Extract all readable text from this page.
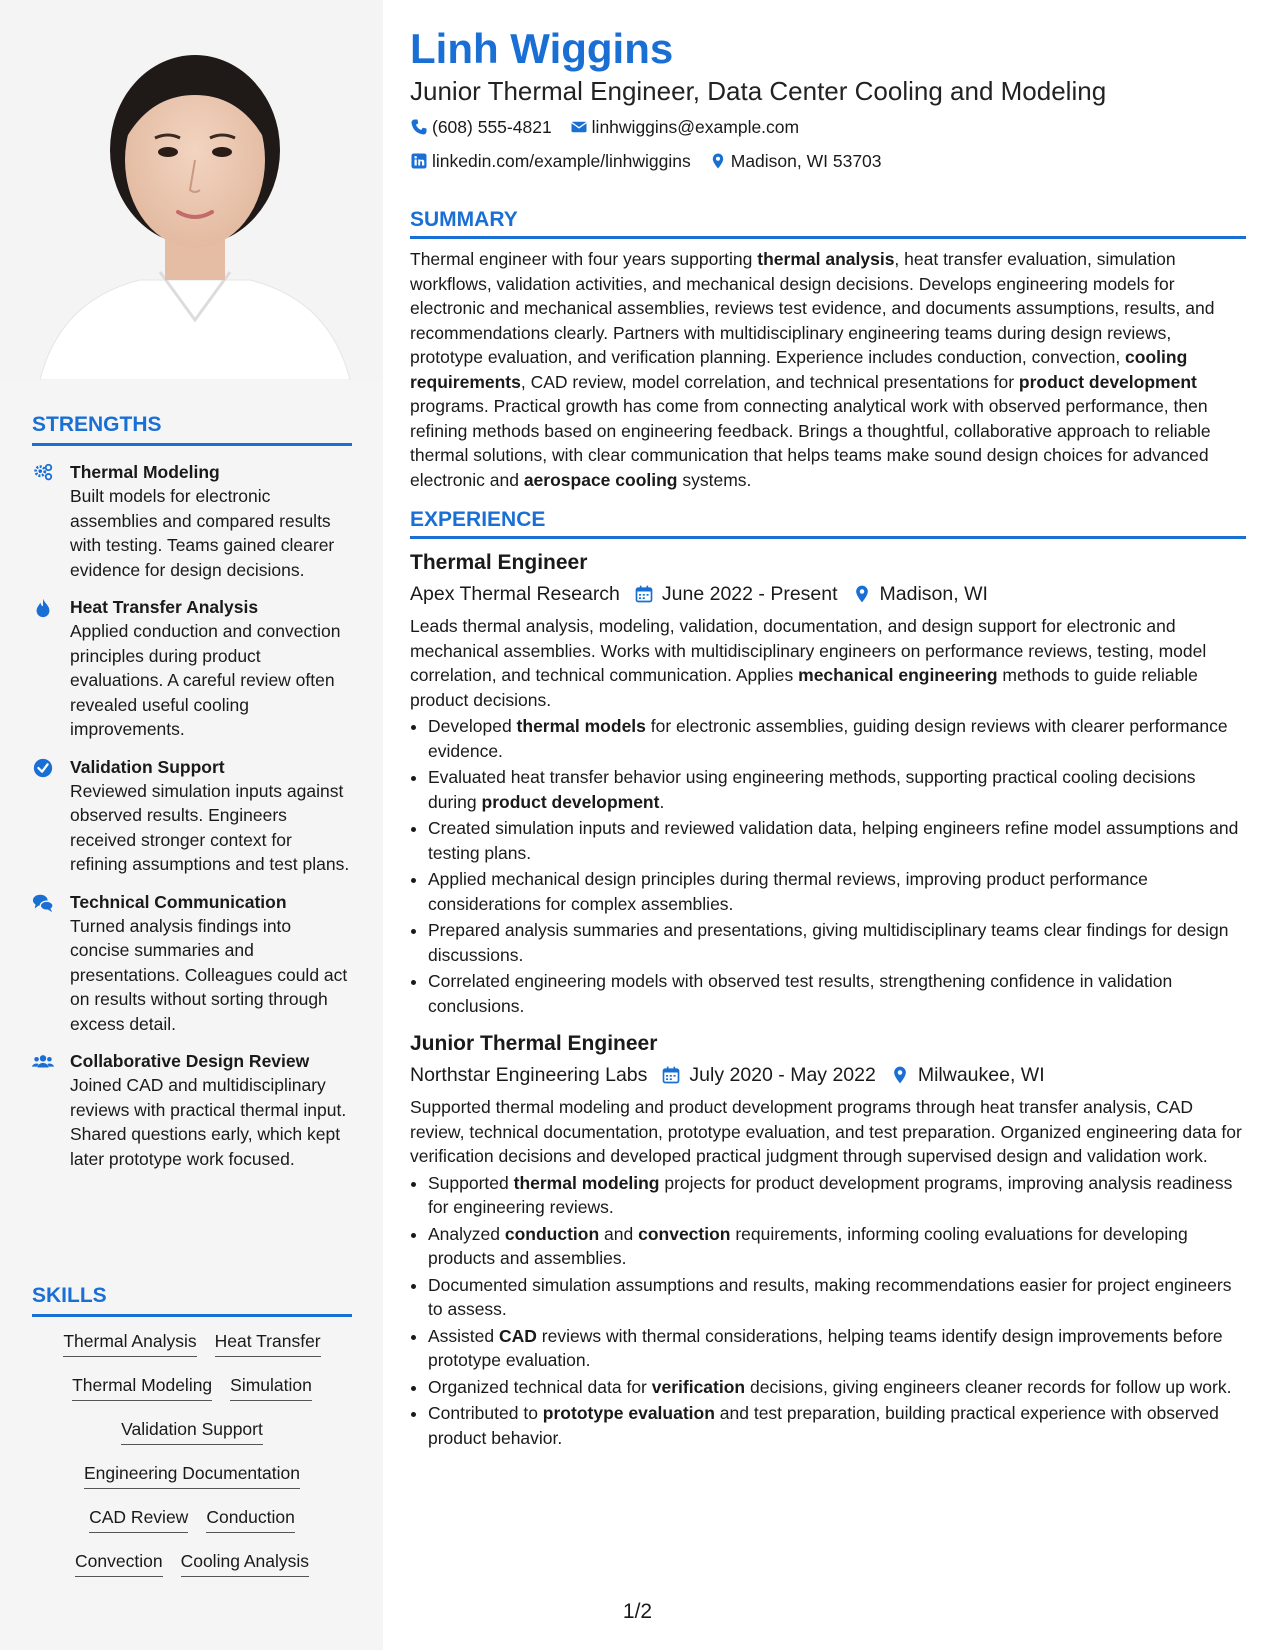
STRENGTHS
Thermal Modeling
Built models for electronic assemblies and compared results with testing. Teams gained clearer evidence for design decisions.
Heat Transfer Analysis
Applied conduction and convection principles during product evaluations. A careful review often revealed useful cooling improvements.
Validation Support
Reviewed simulation inputs against observed results. Engineers received stronger context for refining assumptions and test plans.
Technical Communication
Turned analysis findings into concise summaries and presentations. Colleagues could act on results without sorting through excess detail.
Collaborative Design Review
Joined CAD and multidisciplinary reviews with practical thermal input. Shared questions early, which kept later prototype work focused.
SKILLS
Thermal Analysis Heat Transfer
Thermal Modeling Simulation
Validation Support
Engineering Documentation
CAD Review Conduction
Convection Cooling Analysis
Linh Wiggins
Junior Thermal Engineer, Data Center Cooling and Modeling
(608) 555-4821 linhwiggins@example.com
linkedin.com/example/linhwiggins Madison, WI 53703
SUMMARY
Thermal engineer with four years supporting thermal analysis, heat transfer evaluation, simulation workflows, validation activities, and mechanical design decisions. Develops engineering models for electronic and mechanical assemblies, reviews test evidence, and documents assumptions, results, and recommendations clearly. Partners with multidisciplinary engineering teams during design reviews, prototype evaluation, and verification planning. Experience includes conduction, convection, cooling requirements, CAD review, model correlation, and technical presentations for product development programs. Practical growth has come from connecting analytical work with observed performance, then refining methods based on engineering feedback. Brings a thoughtful, collaborative approach to reliable thermal solutions, with clear communication that helps teams make sound design choices for advanced electronic and aerospace cooling systems.
EXPERIENCE
Thermal Engineer
Apex Thermal Research June 2022 - Present Madison, WI
Leads thermal analysis, modeling, validation, documentation, and design support for electronic and mechanical assemblies. Works with multidisciplinary engineers on performance reviews, testing, model correlation, and technical communication. Applies mechanical engineering methods to guide reliable product decisions.
• Developed thermal models for electronic assemblies, guiding design reviews with clearer performance evidence.
• Evaluated heat transfer behavior using engineering methods, supporting practical cooling decisions during product development.
• Created simulation inputs and reviewed validation data, helping engineers refine model assumptions and testing plans.
• Applied mechanical design principles during thermal reviews, improving product performance considerations for complex assemblies.
• Prepared analysis summaries and presentations, giving multidisciplinary teams clear findings for design discussions.
• Correlated engineering models with observed test results, strengthening confidence in validation conclusions.
Junior Thermal Engineer
Northstar Engineering Labs July 2020 - May 2022 Milwaukee, WI
Supported thermal modeling and product development programs through heat transfer analysis, CAD review, technical documentation, prototype evaluation, and test preparation. Organized engineering data for verification decisions and developed practical judgment through supervised design and validation work.
• Supported thermal modeling projects for product development programs, improving analysis readiness for engineering reviews.
• Analyzed conduction and convection requirements, informing cooling evaluations for developing products and assemblies.
• Documented simulation assumptions and results, making recommendations easier for project engineers to assess.
• Assisted CAD reviews with thermal considerations, helping teams identify design improvements before prototype evaluation.
• Organized technical data for verification decisions, giving engineers cleaner records for follow up work.
• Contributed to prototype evaluation and test preparation, building practical experience with observed product behavior.
1/2
